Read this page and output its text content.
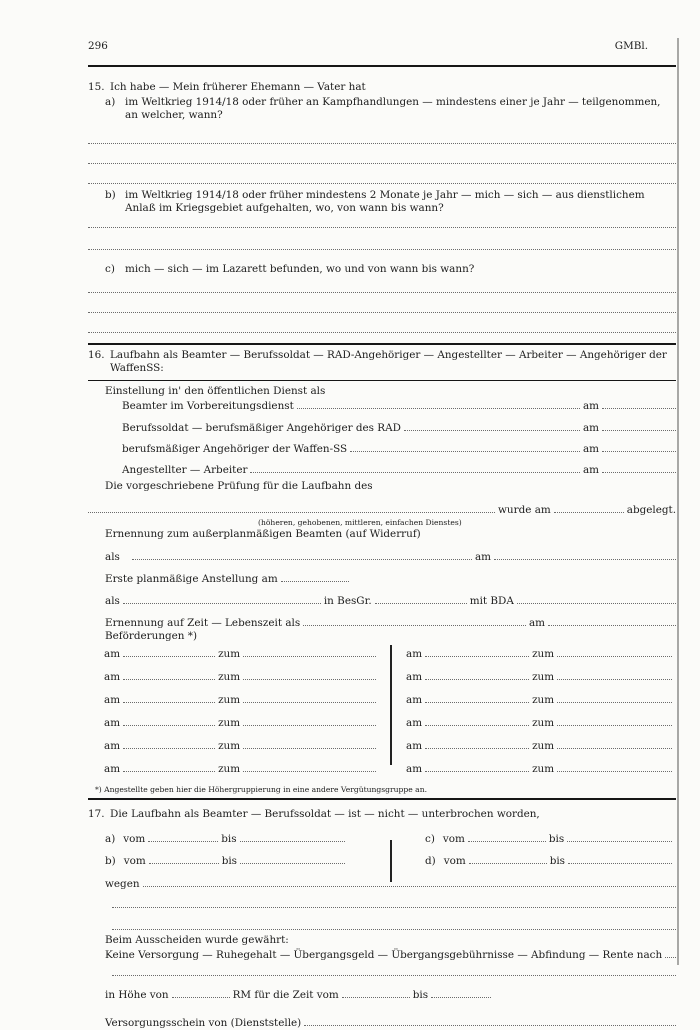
296	GMBl.
15. Ich habe — Mein früherer Ehemann — Vater hat
a) im Weltkrieg 1914/18 oder früher an Kampfhandlungen — mindestens einer je Jahr — teilgenommen, an welcher, wann?
b) im Weltkrieg 1914/18 oder früher mindestens 2 Monate je Jahr — mich — sich — aus dienstlichem Anlaß im Kriegsgebiet aufgehalten, wo, von wann bis wann?
c) mich — sich — im Lazarett befunden, wo und von wann bis wann?
16. Laufbahn als Beamter — Berufssoldat — RAD-Angehöriger — Angestellter — Arbeiter — Angehöriger der WaffenSS:
Einstellung in' den öffentlichen Dienst als
Beamter im Vorbereitungsdienst	am
Berufssoldat — berufsmäßiger Angehöriger des RAD	am
berufsmäßiger Angehöriger der Waffen-SS	am
Angestellter — Arbeiter	am
Die vorgeschriebene Prüfung für die Laufbahn des
wurde am	abgelegt.
(höheren, gehobenen, mittleren, einfachen Dienstes)
Ernennung zum außerplanmäßigen Beamten (auf Widerruf)
als	am
Erste planmäßige Anstellung am
als	in BesGr.	mit BDA
Ernennung auf Zeit — Lebenszeit als	am
Beförderungen *)
am	zum	am	zum
am	zum	am	zum
am	zum	am	zum
am	zum	am	zum
am	zum	am	zum
am	zum	am	zum
*) Angestellte geben hier die Höhergruppierung in eine andere Vergütungsgruppe an.
17. Die Laufbahn als Beamter — Berufssoldat — ist — nicht — unterbrochen worden,
a) vom	bis	c) vom	bis
b) vom	bis	d) vom	bis
wegen
Beim Ausscheiden wurde gewährt:
Keine Versorgung — Ruhegehalt — Übergangsgeld — Übergangsgebührnisse — Abfindung — Rente nach
in Höhe von	RM für die Zeit vom	bis
Versorgungsschein von (Dienststelle)
